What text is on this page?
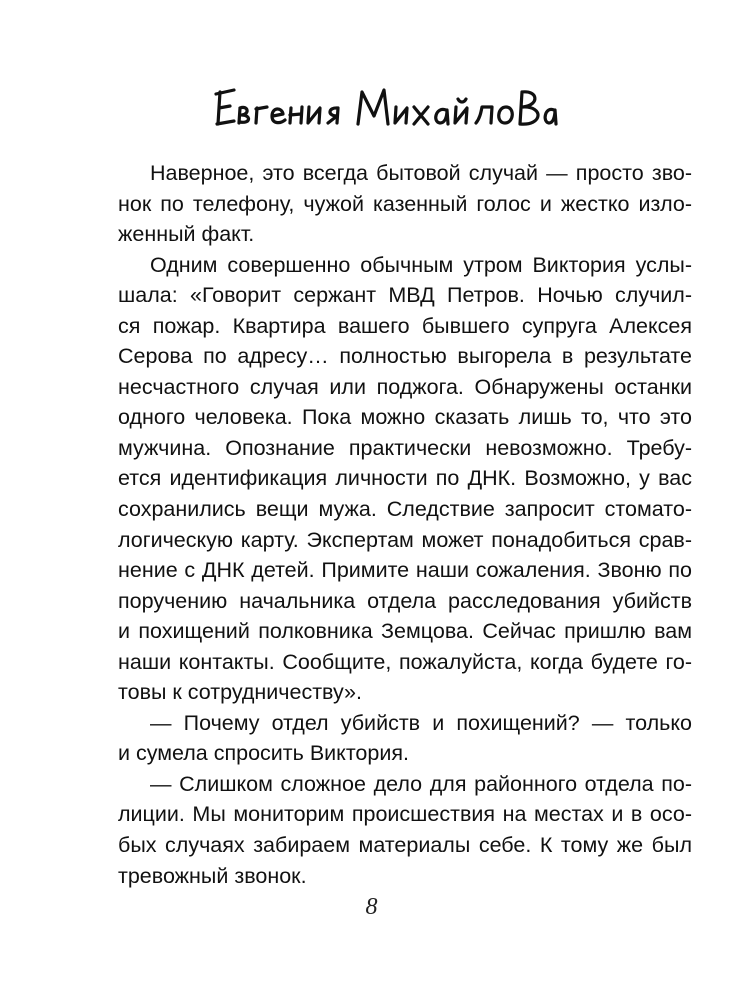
Наверное, это всегда бытовой случай — просто зво-
нок по телефону, чужой казенный голос и жестко изло-
женный факт.
Одним совершенно обычным утром Виктория услы-
шала: «Говорит сержант МВД Петров. Ночью случил-
ся пожар. Квартира вашего бывшего супруга Алексея
Серова по адресу… полностью выгорела в результате
несчастного случая или поджога. Обнаружены останки
одного человека. Пока можно сказать лишь то, что это
мужчина. Опознание практически невозможно. Требу-
ется идентификация личности по ДНК. Возможно, у вас
сохранились вещи мужа. Следствие запросит стомато-
логическую карту. Экспертам может понадобиться срав-
нение с ДНК детей. Примите наши сожаления. Звоню по
поручению начальника отдела расследования убийств
и похищений полковника Земцова. Сейчас пришлю вам
наши контакты. Сообщите, пожалуйста, когда будете го-
товы к сотрудничеству».
— Почему отдел убийств и похищений? — только
и сумела спросить Виктория.
— Слишком сложное дело для районного отдела по-
лиции. Мы мониторим происшествия на местах и в осо-
бых случаях забираем материалы себе. К тому же был
тревожный звонок.
8
